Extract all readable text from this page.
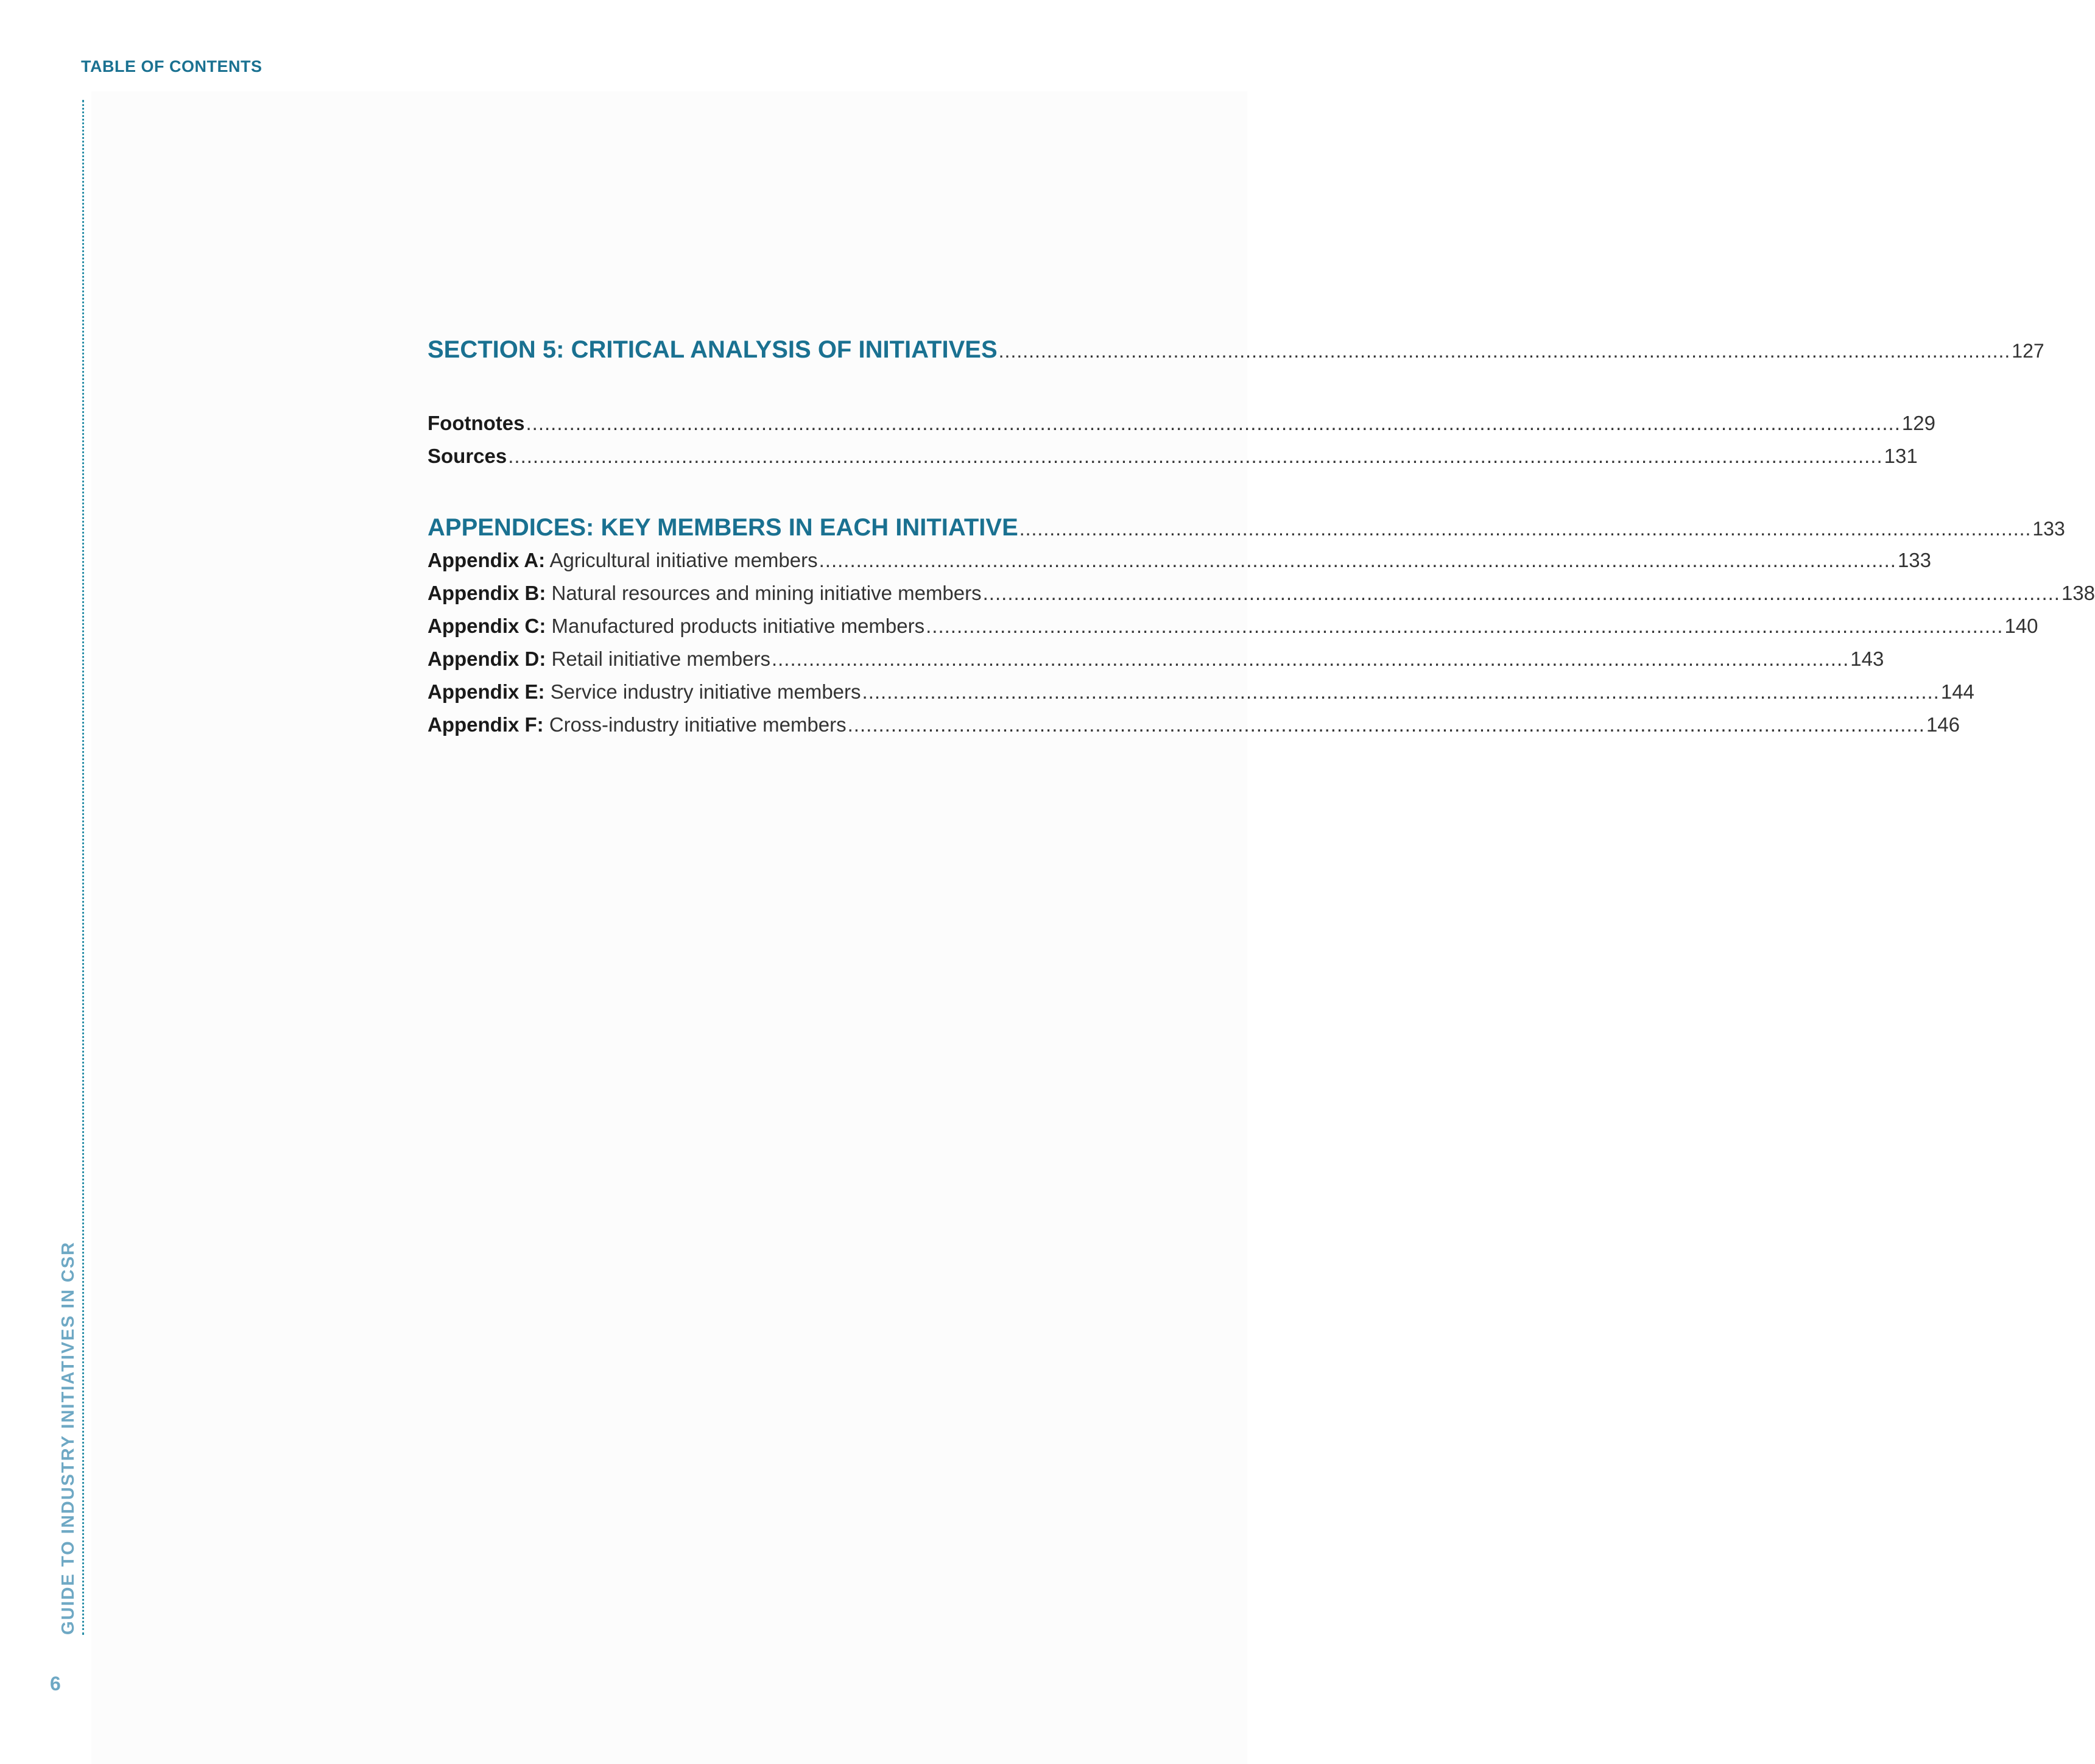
TABLE OF CONTENTS
GUIDE TO INDUSTRY INITIATIVES IN CSR
6
SECTION 5: CRITICAL ANALYSIS OF INITIATIVES ........................................................................................................................................................................ 127
Footnotes .............................................................................................................................................................................................................................. 129
Sources .............................................................................................................................................................................................................................. 131
APPENDICES: KEY MEMBERS IN EACH INITIATIVE ........................................................................................................................................................................ 133
Appendix A: Agricultural initiative members .............................................................................................................................................................................. 133
Appendix B: Natural resources and mining initiative members .............................................................................................................................................................................. 138
Appendix C: Manufactured products initiative members .............................................................................................................................................................................. 140
Appendix D: Retail initiative members .............................................................................................................................................................................. 143
Appendix E: Service industry initiative members .............................................................................................................................................................................. 144
Appendix F: Cross-industry initiative members .............................................................................................................................................................................. 146
